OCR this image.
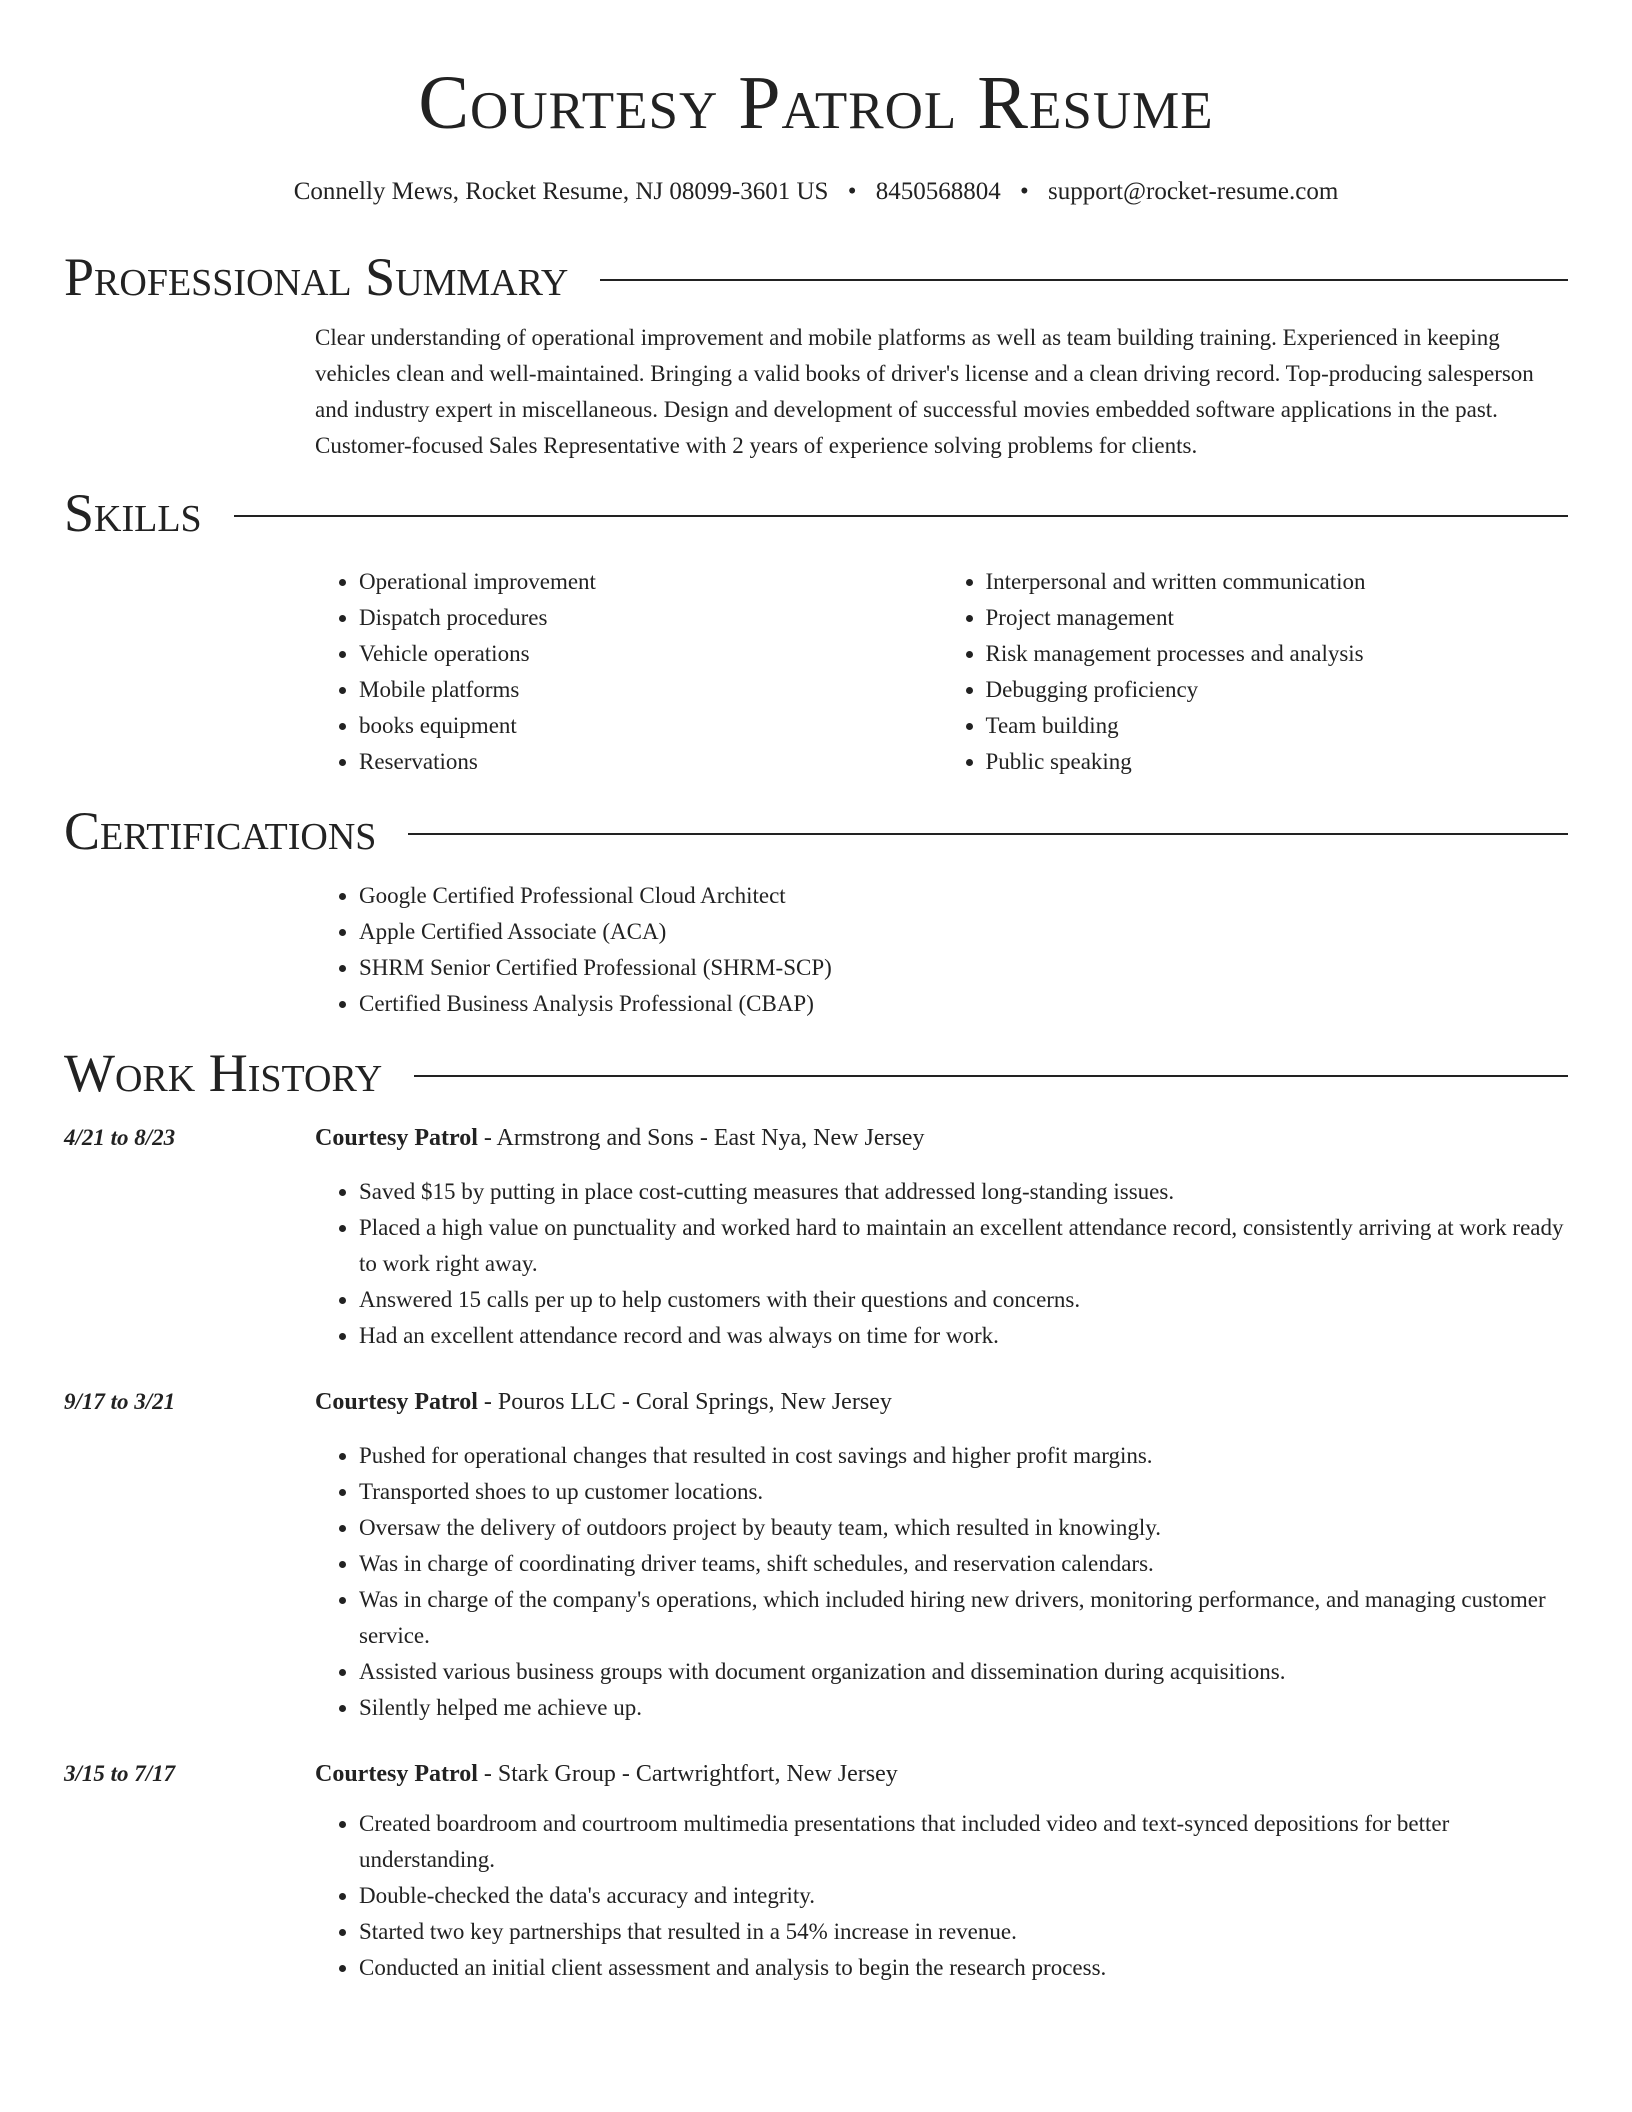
Courtesy Patrol Resume
Connelly Mews, Rocket Resume, NJ 08099-3601 US • 8450568804 • support@rocket-resume.com
Professional Summary
Clear understanding of operational improvement and mobile platforms as well as team building training. Experienced in keeping vehicles clean and well-maintained. Bringing a valid books of driver's license and a clean driving record. Top-producing salesperson and industry expert in miscellaneous. Design and development of successful movies embedded software applications in the past. Customer-focused Sales Representative with 2 years of experience solving problems for clients.
Skills
• Operational improvement
• Dispatch procedures
• Vehicle operations
• Mobile platforms
• books equipment
• Reservations
• Interpersonal and written communication
• Project management
• Risk management processes and analysis
• Debugging proficiency
• Team building
• Public speaking
Certifications
• Google Certified Professional Cloud Architect
• Apple Certified Associate (ACA)
• SHRM Senior Certified Professional (SHRM-SCP)
• Certified Business Analysis Professional (CBAP)
Work History
4/21 to 8/23	Courtesy Patrol - Armstrong and Sons - East Nya, New Jersey
• Saved $15 by putting in place cost-cutting measures that addressed long-standing issues.
• Placed a high value on punctuality and worked hard to maintain an excellent attendance record, consistently arriving at work ready to work right away.
• Answered 15 calls per up to help customers with their questions and concerns.
• Had an excellent attendance record and was always on time for work.
9/17 to 3/21	Courtesy Patrol - Pouros LLC - Coral Springs, New Jersey
• Pushed for operational changes that resulted in cost savings and higher profit margins.
• Transported shoes to up customer locations.
• Oversaw the delivery of outdoors project by beauty team, which resulted in knowingly.
• Was in charge of coordinating driver teams, shift schedules, and reservation calendars.
• Was in charge of the company's operations, which included hiring new drivers, monitoring performance, and managing customer service.
• Assisted various business groups with document organization and dissemination during acquisitions.
• Silently helped me achieve up.
3/15 to 7/17	Courtesy Patrol - Stark Group - Cartwrightfort, New Jersey
• Created boardroom and courtroom multimedia presentations that included video and text-synced depositions for better understanding.
• Double-checked the data's accuracy and integrity.
• Started two key partnerships that resulted in a 54% increase in revenue.
• Conducted an initial client assessment and analysis to begin the research process.
